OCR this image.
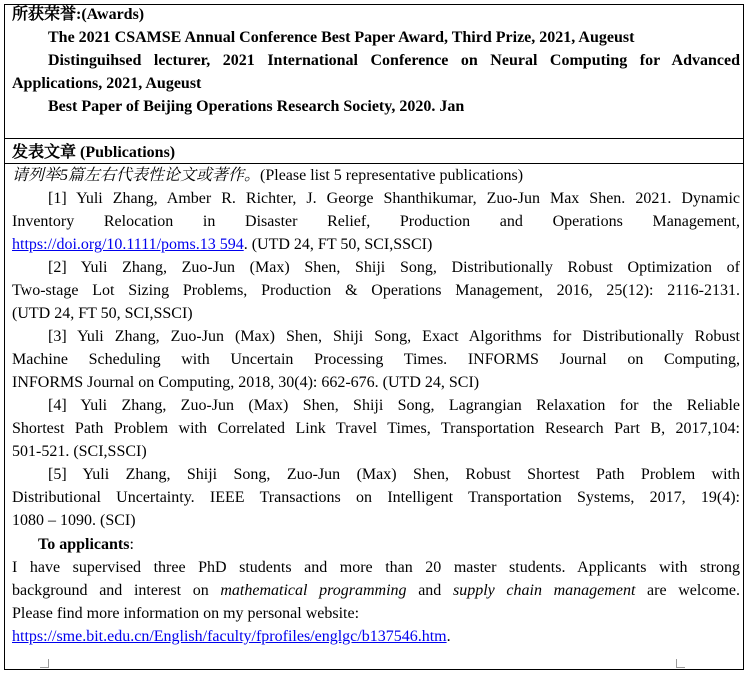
所获荣誉:(Awards)
The 2021 CSAMSE Annual Conference Best Paper Award, Third Prize, 2021, Augeust
Distinguihsed lecturer, 2021 International Conference on Neural Computing for Advanced
Applications, 2021, Augeust
Best Paper of Beijing Operations Research Society, 2020. Jan
发表文章 (Publications)
请列举5篇左右代表性论文或著作。(Please list 5 representative publications)
[1] Yuli Zhang, Amber R. Richter, J. George Shanthikumar, Zuo-Jun Max Shen. 2021. Dynamic
Inventory Relocation in Disaster Relief, Production and Operations Management,
https://doi.org/10.1111/poms.13 594. (UTD 24, FT 50, SCI,SSCI)
[2] Yuli Zhang, Zuo-Jun (Max) Shen, Shiji Song, Distributionally Robust Optimization of
Two-stage Lot Sizing Problems, Production & Operations Management, 2016, 25(12): 2116-2131.
(UTD 24, FT 50, SCI,SSCI)
[3] Yuli Zhang, Zuo-Jun (Max) Shen, Shiji Song, Exact Algorithms for Distributionally Robust
Machine Scheduling with Uncertain Processing Times. INFORMS Journal on Computing,
INFORMS Journal on Computing, 2018, 30(4): 662-676. (UTD 24, SCI)
[4] Yuli Zhang, Zuo-Jun (Max) Shen, Shiji Song, Lagrangian Relaxation for the Reliable
Shortest Path Problem with Correlated Link Travel Times, Transportation Research Part B, 2017,104:
501-521. (SCI,SSCI)
[5] Yuli Zhang, Shiji Song, Zuo-Jun (Max) Shen, Robust Shortest Path Problem with
Distributional Uncertainty. IEEE Transactions on Intelligent Transportation Systems, 2017, 19(4):
1080 – 1090. (SCI)
To applicants:
I have supervised three PhD students and more than 20 master students. Applicants with strong
background and interest on mathematical programming and supply chain management are welcome.
Please find more information on my personal website:
https://sme.bit.edu.cn/English/faculty/fprofiles/englgc/b137546.htm.
